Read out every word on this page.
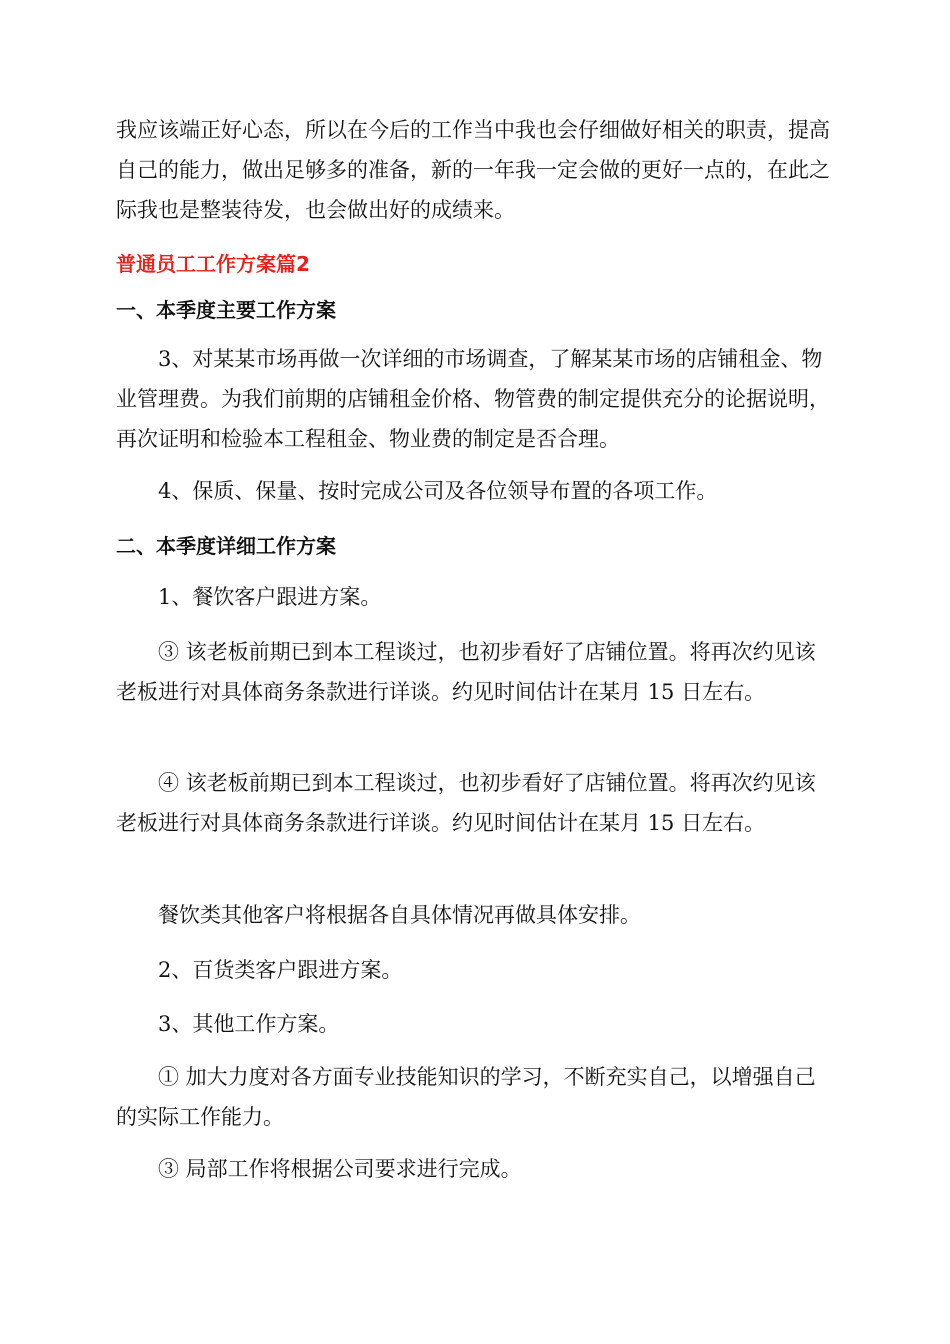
我应该端正好心态，所以在今后的工作当中我也会仔细做好相关的职责，提高自己的能力，做出足够多的准备，新的一年我一定会做的更好一点的，在此之际我也是整装待发，也会做出好的成绩来。

普通员工工作方案篇2
一、本季度主要工作方案

3、对某某市场再做一次详细的市场调查，了解某某市场的店铺租金、物业管理费。为我们前期的店铺租金价格、物管费的制定提供充分的论据说明，再次证明和检验本工程租金、物业费的制定是否合理。

4、保质、保量、按时完成公司及各位领导布置的各项工作。

二、本季度详细工作方案

1、餐饮客户跟进方案。

③ 该老板前期已到本工程谈过，也初步看好了店铺位置。将再次约见该老板进行对具体商务条款进行详谈。约见时间估计在某月 15 日左右。

④ 该老板前期已到本工程谈过，也初步看好了店铺位置。将再次约见该老板进行对具体商务条款进行详谈。约见时间估计在某月 15 日左右。

餐饮类其他客户将根据各自具体情况再做具体安排。

2、百货类客户跟进方案。

3、其他工作方案。

① 加大力度对各方面专业技能知识的学习，不断充实自己，以增强自己的实际工作能力。

③ 局部工作将根据公司要求进行完成。
